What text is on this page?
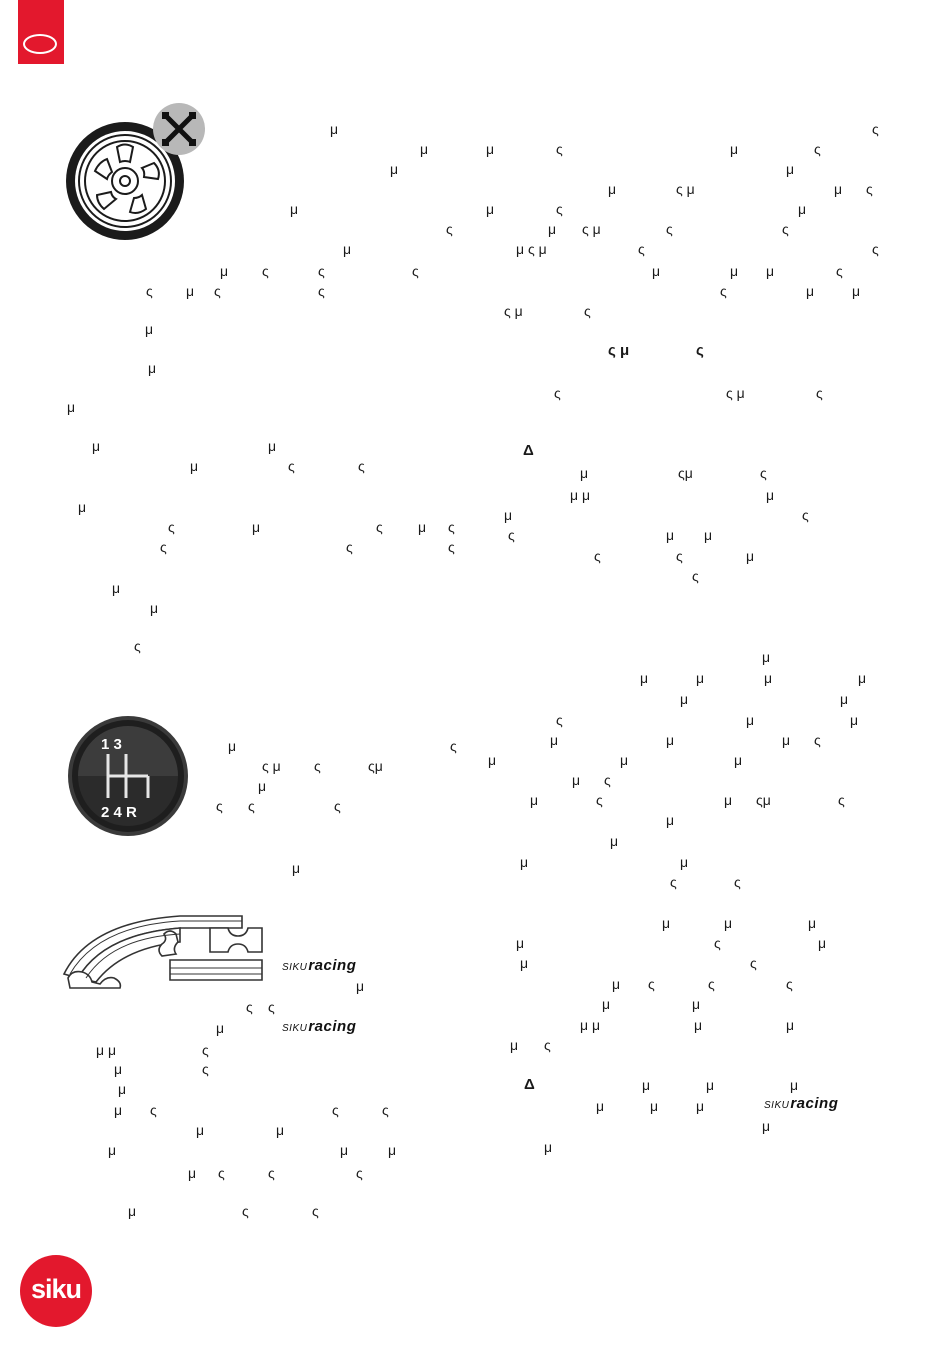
1 3
2 4 R
SIKUracing
SIKUracing
SIKUracing
siku
μ
μ
μ
ς
μ
μ ς	ς	ς
ς μ ς	ς
μ
μ
μ
μ	μ
μ	ς	ς
μ
ς	μ	ς	μ ς
ς	ς	ς
μ
μ
ς
μ	ς
ς μ ς	ςμ
μ
ς ς	ς
μ
μ
ς ς
μ
μ μ	ς
μ	ς
μ
μ ς	ς	ς
μ	μ
μ	μ	μ
μ ς	ς	ς
μ	ς	ς
ς
μ	μ	ς	μ	ς
μ
μ	ς μ	μ ς
μ	ς	μ
μ ς μ	ς	ς
μ ς μ	ς	ς
μ	μ μ	ς
ς	μ	μ
ς μ	ς
ς μ	ς
ς	ς μ	ς
Δ
μ	ςμ	ς
μ μ	μ
μ	ς
ς	μ μ
ς	ς	μ
ς
μ
μ	μ	μ	μ
μ	μ
ς	μ	μ
μ	μ	μ ς
μ	μ	μ
μ ς
μ	ς	μ ςμ	ς
μ
μ
μ	μ
ς	ς
μ	μ	μ
μ	ς	μ
μ	ς
μ ς	ς	ς
μ	μ
μ μ	μ	μ
μ ς
Δ	μ	μ	μ
μ	μ	μ
μ
μ
